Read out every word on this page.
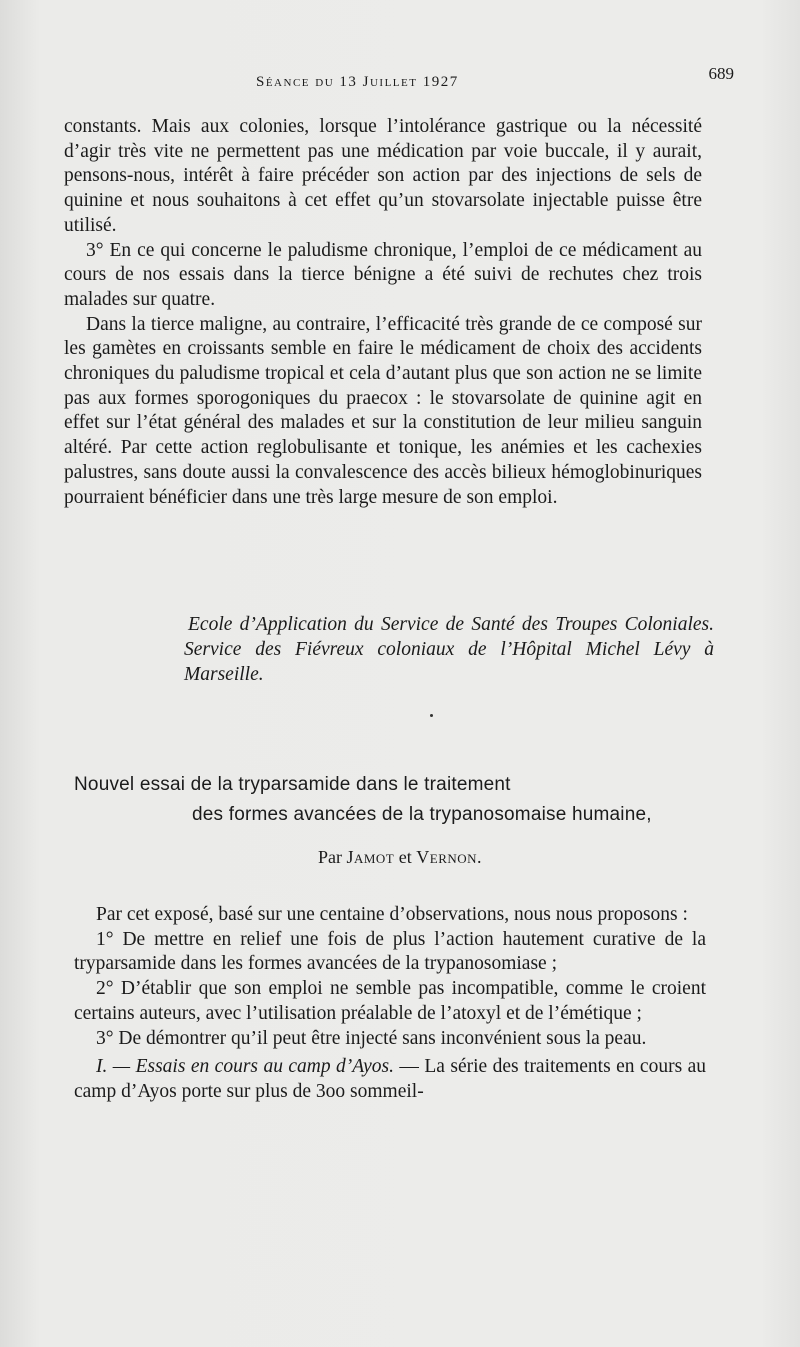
Séance du 13 Juillet 1927	689

constants. Mais aux colonies, lorsque l’intolérance gastrique ou la nécessité d’agir très vite ne permettent pas une médication par voie buccale, il y aurait, pensons-nous, intérêt à faire précéder son action par des injections de sels de quinine et nous souhaitons à cet effet qu’un stovarsolate injectable puisse être utilisé.

3° En ce qui concerne le paludisme chronique, l’emploi de ce médicament au cours de nos essais dans la tierce bénigne a été suivi de rechutes chez trois malades sur quatre.

Dans la tierce maligne, au contraire, l’efficacité très grande de ce composé sur les gamètes en croissants semble en faire le médicament de choix des accidents chroniques du paludisme tropical et cela d’autant plus que son action ne se limite pas aux formes sporogoniques du praecox : le stovarsolate de quinine agit en effet sur l’état général des malades et sur la constitution de leur milieu sanguin altéré. Par cette action reglobulisante et tonique, les anémies et les cachexies palustres, sans doute aussi la convalescence des accès bilieux hémoglobinuriques pourraient bénéficier dans une très large mesure de son emploi.

Ecole d’Application du Service de Santé des Troupes Coloniales. Service des Fiévreux coloniaux de l’Hôpital Michel Lévy à Marseille.
Nouvel essai de la tryparsamide dans le traitement
des formes avancées de la trypanosomaise humaine,
Par Jamot et Vernon.

Par cet exposé, basé sur une centaine d’observations, nous nous proposons :

1° De mettre en relief une fois de plus l’action hautement curative de la tryparsamide dans les formes avancées de la trypanosomiase ;

2° D’établir que son emploi ne semble pas incompatible, comme le croient certains auteurs, avec l’utilisation préalable de l’atoxyl et de l’émétique ;

3° De démontrer qu’il peut être injecté sans inconvénient sous la peau.

I. — Essais en cours au camp d’Ayos. — La série des traitements en cours au camp d’Ayos porte sur plus de 3oo sommeil-
